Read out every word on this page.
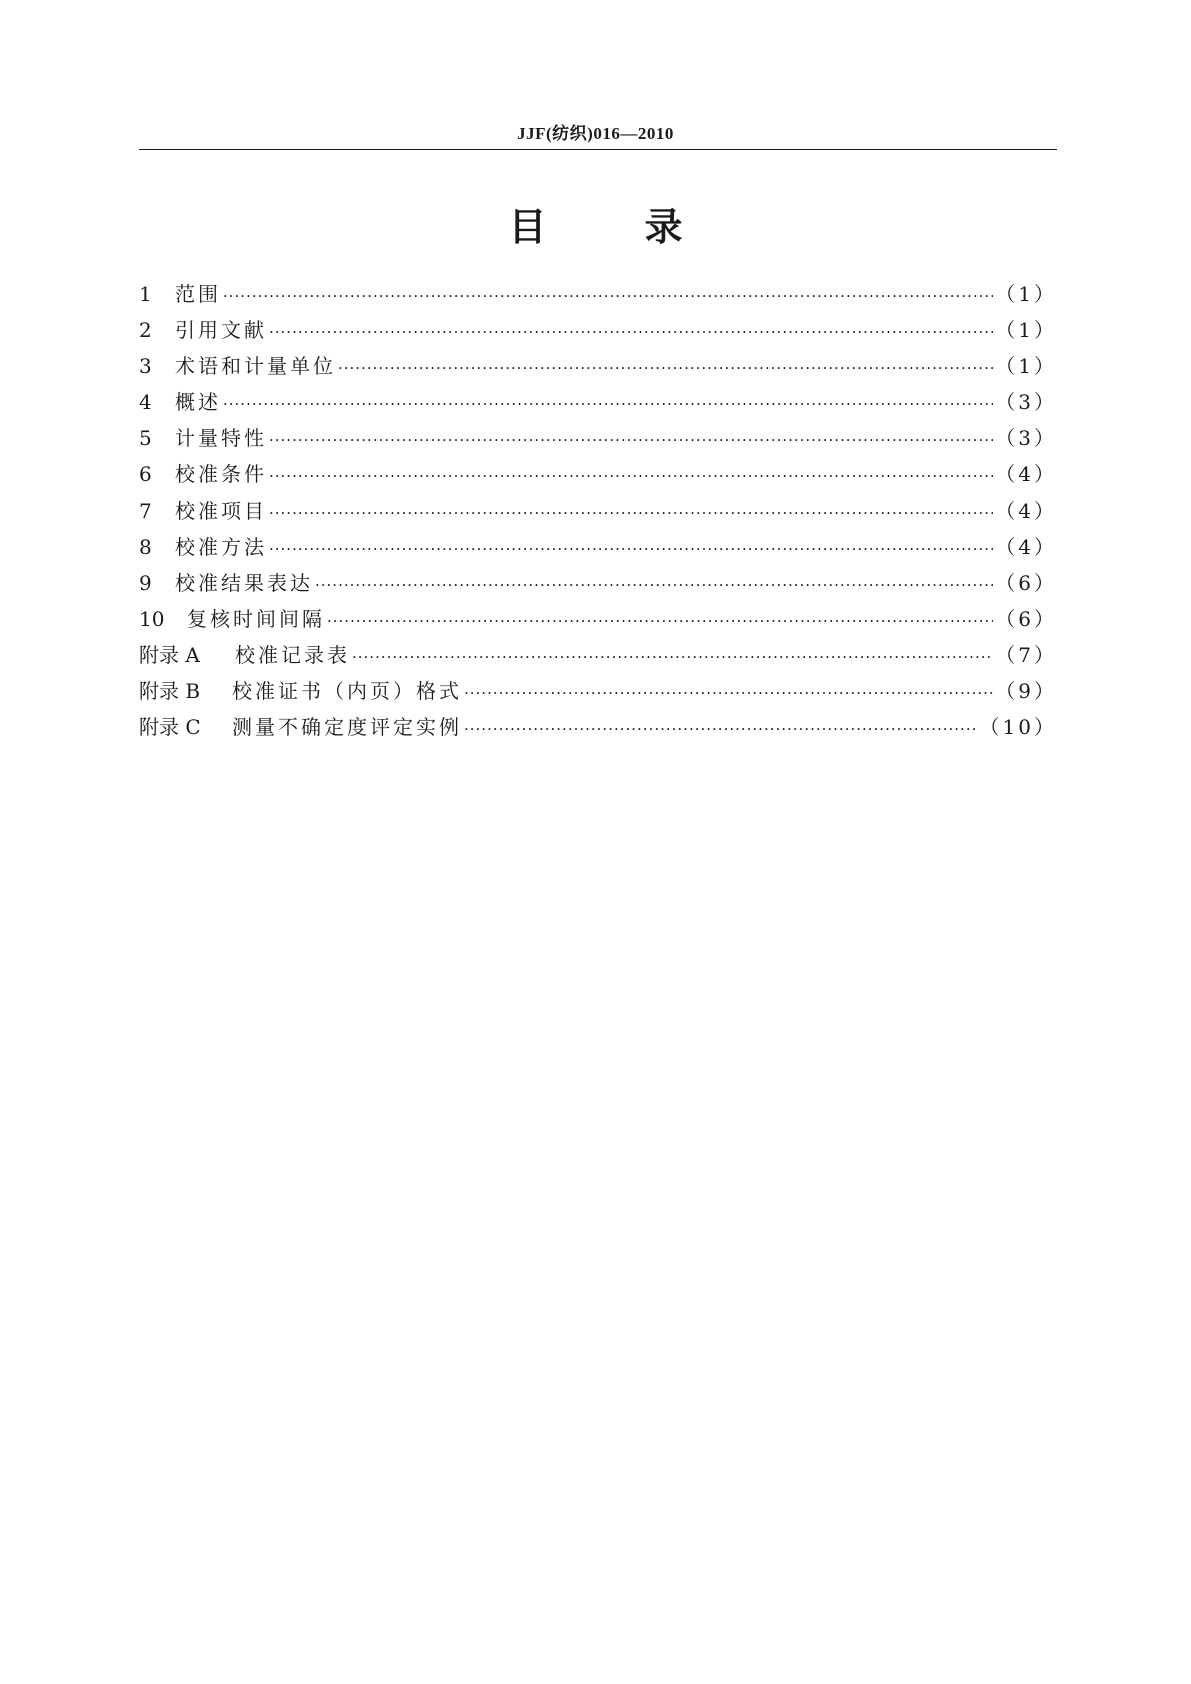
JJF(纺织)016—2010
目录
1	范围 ·····	（1）
2	引用文献 ·····	（1）
3	术语和计量单位 ·····	（1）
4	概述 ·····	（3）
5	计量特性 ·····	（3）
6	校准条件 ·····	（4）
7	校准项目 ·····	（4）
8	校准方法 ·····	（4）
9	校准结果表达 ·····	（6）
10	复核时间间隔 ·····	（6）
附录 A	校准记录表 ·····	（7）
附录 B	校准证书（内页）格式 ·····	（9）
附录 C	测量不确定度评定实例 ·····	（10）
